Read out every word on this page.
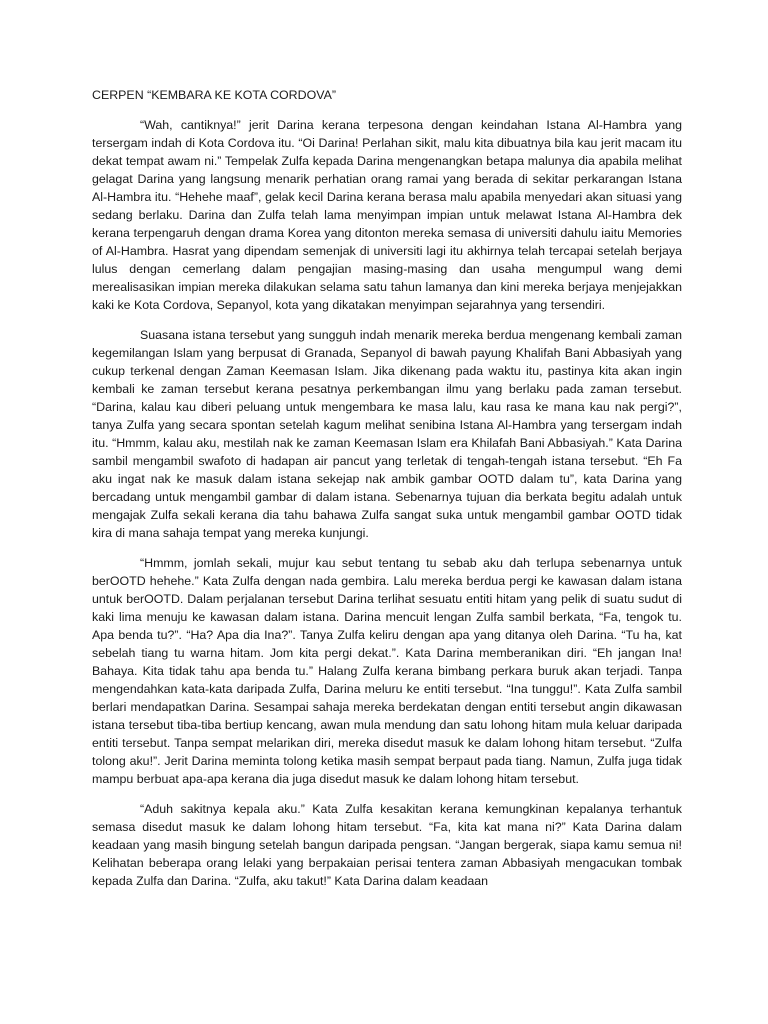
CERPEN “KEMBARA KE KOTA CORDOVA”

“Wah, cantiknya!” jerit Darina kerana terpesona dengan keindahan Istana Al-Hambra yang tersergam indah di Kota Cordova itu. “Oi Darina! Perlahan sikit, malu kita dibuatnya bila kau jerit macam itu dekat tempat awam ni.” Tempelak Zulfa kepada Darina mengenangkan betapa malunya dia apabila melihat gelagat Darina yang langsung menarik perhatian orang ramai yang berada di sekitar perkarangan Istana Al-Hambra itu. “Hehehe maaf”, gelak kecil Darina kerana berasa malu apabila menyedari akan situasi yang sedang berlaku. Darina dan Zulfa telah lama menyimpan impian untuk melawat Istana Al-Hambra dek kerana terpengaruh dengan drama Korea yang ditonton mereka semasa di universiti dahulu iaitu Memories of Al-Hambra. Hasrat yang dipendam semenjak di universiti lagi itu akhirnya telah tercapai setelah berjaya lulus dengan cemerlang dalam pengajian masing-masing dan usaha mengumpul wang demi merealisasikan impian mereka dilakukan selama satu tahun lamanya dan kini mereka berjaya menjejakkan kaki ke Kota Cordova, Sepanyol, kota yang dikatakan menyimpan sejarahnya yang tersendiri.

Suasana istana tersebut yang sungguh indah menarik mereka berdua mengenang kembali zaman kegemilangan Islam yang berpusat di Granada, Sepanyol di bawah payung Khalifah Bani Abbasiyah yang cukup terkenal dengan Zaman Keemasan Islam. Jika dikenang pada waktu itu, pastinya kita akan ingin kembali ke zaman tersebut kerana pesatnya perkembangan ilmu yang berlaku pada zaman tersebut. “Darina, kalau kau diberi peluang untuk mengembara ke masa lalu, kau rasa ke mana kau nak pergi?”, tanya Zulfa yang secara spontan setelah kagum melihat senibina Istana Al-Hambra yang tersergam indah itu. “Hmmm, kalau aku, mestilah nak ke zaman Keemasan Islam era Khilafah Bani Abbasiyah.” Kata Darina sambil mengambil swafoto di hadapan air pancut yang terletak di tengah-tengah istana tersebut. “Eh Fa aku ingat nak ke masuk dalam istana sekejap nak ambik gambar OOTD dalam tu”, kata Darina yang bercadang untuk mengambil gambar di dalam istana. Sebenarnya tujuan dia berkata begitu adalah untuk mengajak Zulfa sekali kerana dia tahu bahawa Zulfa sangat suka untuk mengambil gambar OOTD tidak kira di mana sahaja tempat yang mereka kunjungi.

“Hmmm, jomlah sekali, mujur kau sebut tentang tu sebab aku dah terlupa sebenarnya untuk berOOTD hehehe.” Kata Zulfa dengan nada gembira. Lalu mereka berdua pergi ke kawasan dalam istana untuk berOOTD. Dalam perjalanan tersebut Darina terlihat sesuatu entiti hitam yang pelik di suatu sudut di kaki lima menuju ke kawasan dalam istana. Darina mencuit lengan Zulfa sambil berkata, “Fa, tengok tu. Apa benda tu?”. “Ha? Apa dia Ina?”. Tanya Zulfa keliru dengan apa yang ditanya oleh Darina. “Tu ha, kat sebelah tiang tu warna hitam. Jom kita pergi dekat.”. Kata Darina memberanikan diri. “Eh jangan Ina! Bahaya. Kita tidak tahu apa benda tu.” Halang Zulfa kerana bimbang perkara buruk akan terjadi. Tanpa mengendahkan kata-kata daripada Zulfa, Darina meluru ke entiti tersebut. “Ina tunggu!”. Kata Zulfa sambil berlari mendapatkan Darina. Sesampai sahaja mereka berdekatan dengan entiti tersebut angin dikawasan istana tersebut tiba-tiba bertiup kencang, awan mula mendung dan satu lohong hitam mula keluar daripada entiti tersebut. Tanpa sempat melarikan diri, mereka disedut masuk ke dalam lohong hitam tersebut. “Zulfa tolong aku!”. Jerit Darina meminta tolong ketika masih sempat berpaut pada tiang. Namun, Zulfa juga tidak mampu berbuat apa-apa kerana dia juga disedut masuk ke dalam lohong hitam tersebut.

“Aduh sakitnya kepala aku.” Kata Zulfa kesakitan kerana kemungkinan kepalanya terhantuk semasa disedut masuk ke dalam lohong hitam tersebut. “Fa, kita kat mana ni?” Kata Darina dalam keadaan yang masih bingung setelah bangun daripada pengsan. “Jangan bergerak, siapa kamu semua ni! Kelihatan beberapa orang lelaki yang berpakaian perisai tentera zaman Abbasiyah mengacukan tombak kepada Zulfa dan Darina. “Zulfa, aku takut!” Kata Darina dalam keadaan
